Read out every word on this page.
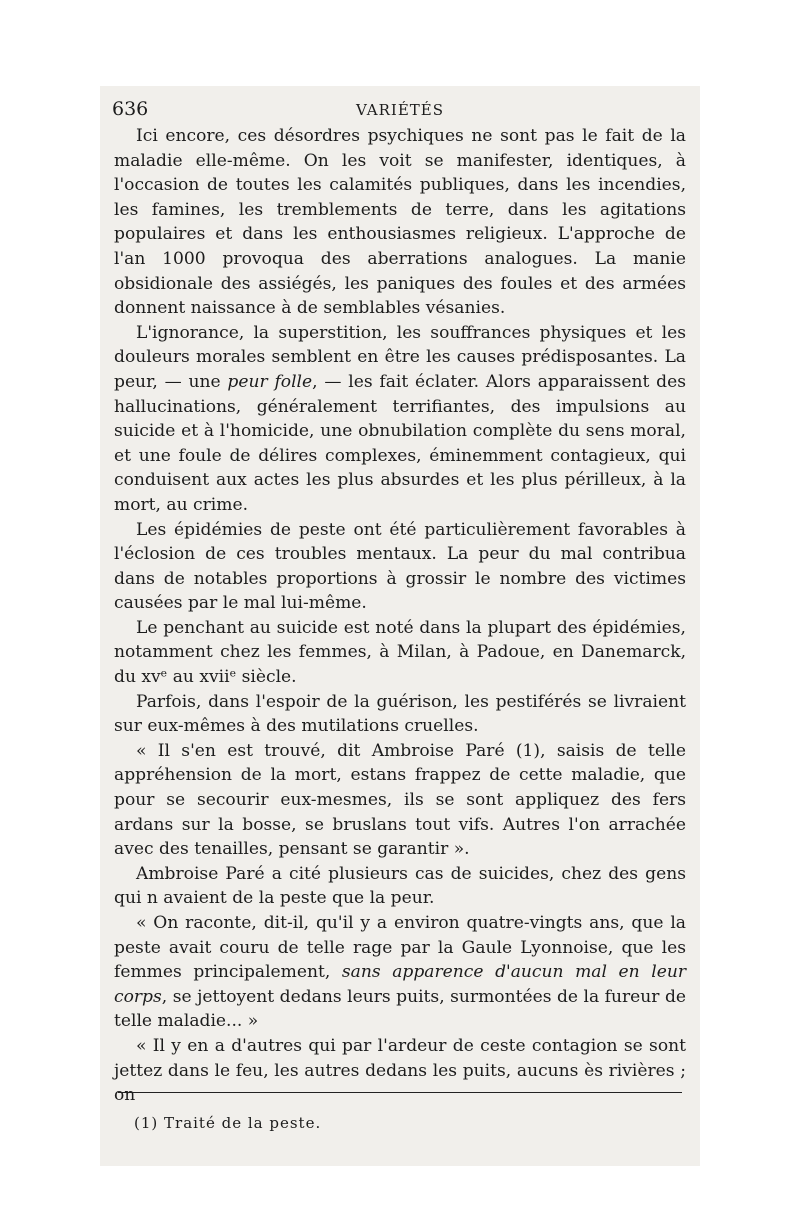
636	VARIÉTÉS

Ici encore, ces désordres psychiques ne sont pas le fait de la maladie elle-même. On les voit se manifester, identiques, à l'occasion de toutes les calamités publiques, dans les incendies, les famines, les tremblements de terre, dans les agitations populaires et dans les enthousiasmes religieux. L'approche de l'an 1000 provoqua des aberrations analogues. La manie obsidionale des assiégés, les paniques des foules et des armées donnent naissance à de semblables vésanies.

L'ignorance, la superstition, les souffrances physiques et les douleurs morales semblent en être les causes prédisposantes. La peur, — une peur folle, — les fait éclater. Alors apparaissent des hallucinations, généralement terrifiantes, des impulsions au suicide et à l'homicide, une obnubilation complète du sens moral, et une foule de délires complexes, éminemment contagieux, qui conduisent aux actes les plus absurdes et les plus périlleux, à la mort, au crime.

Les épidémies de peste ont été particulièrement favorables à l'éclosion de ces troubles mentaux. La peur du mal contribua dans de notables proportions à grossir le nombre des victimes causées par le mal lui-même.

Le penchant au suicide est noté dans la plupart des épidémies, notamment chez les femmes, à Milan, à Padoue, en Danemarck, du xvᵉ au xviiᵉ siècle.

Parfois, dans l'espoir de la guérison, les pestiférés se livraient sur eux-mêmes à des mutilations cruelles.

« Il s'en est trouvé, dit Ambroise Paré (1), saisis de telle appréhension de la mort, estans frappez de cette maladie, que pour se secourir eux-mesmes, ils se sont appliquez des fers ardans sur la bosse, se bruslans tout vifs. Autres l'on arrachée avec des tenailles, pensant se garantir ».

Ambroise Paré a cité plusieurs cas de suicides, chez des gens qui n avaient de la peste que la peur.

« On raconte, dit-il, qu'il y a environ quatre-vingts ans, que la peste avait couru de telle rage par la Gaule Lyonnoise, que les femmes principalement, sans apparence d'aucun mal en leur corps, se jettoyent dedans leurs puits, surmontées de la fureur de telle maladie... »

« Il y en a d'autres qui par l'ardeur de ceste contagion se sont jettez dans le feu, les autres dedans les puits, aucuns ès rivières ; on

(1) Traité de la peste.
